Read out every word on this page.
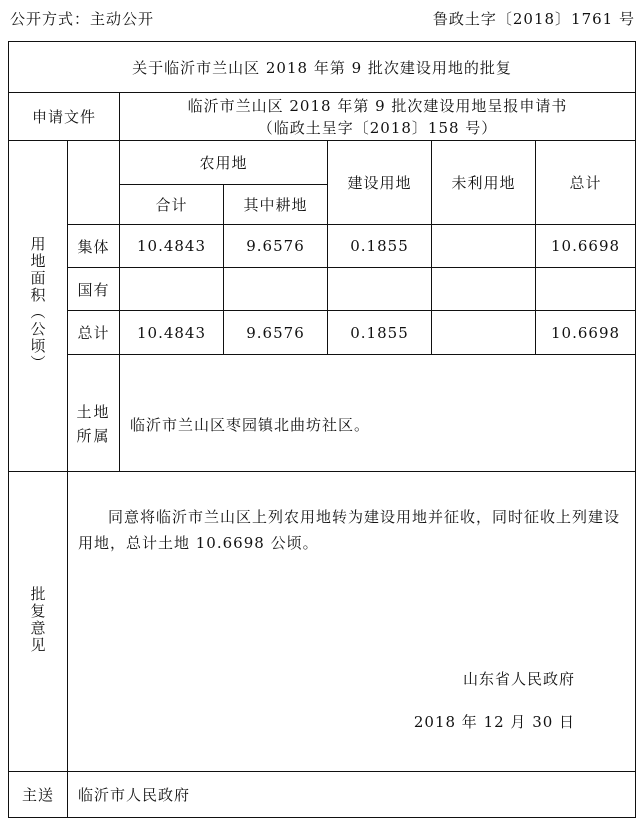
公开方式：主动公开	鲁政土字〔2018〕1761 号
关于临沂市兰山区 2018 年第 9 批次建设用地的批复						
申请文件		临沂市兰山区 2018 年第 9 批次建设用地呈报申请书
（临政土呈字〔2018〕158 号）				

用地面积（公顷）		农用地		建设用地	未利用地	总计
		合计	其中耕地			
	集体	10.4843	9.6576	0.1855		10.6698
	国有					
	总计	10.4843	9.6576	0.1855		10.6698

	土地所属	临沂市兰山区枣园镇北曲坊社区。				
批复意见	同意将临沂市兰山区上列农用地转为建设用地并征收，同时征收上列建设用地，总计土地 10.6698 公顷。
山东省人民政府
2018 年 12 月 30 日					

主送	临沂市人民政府					
